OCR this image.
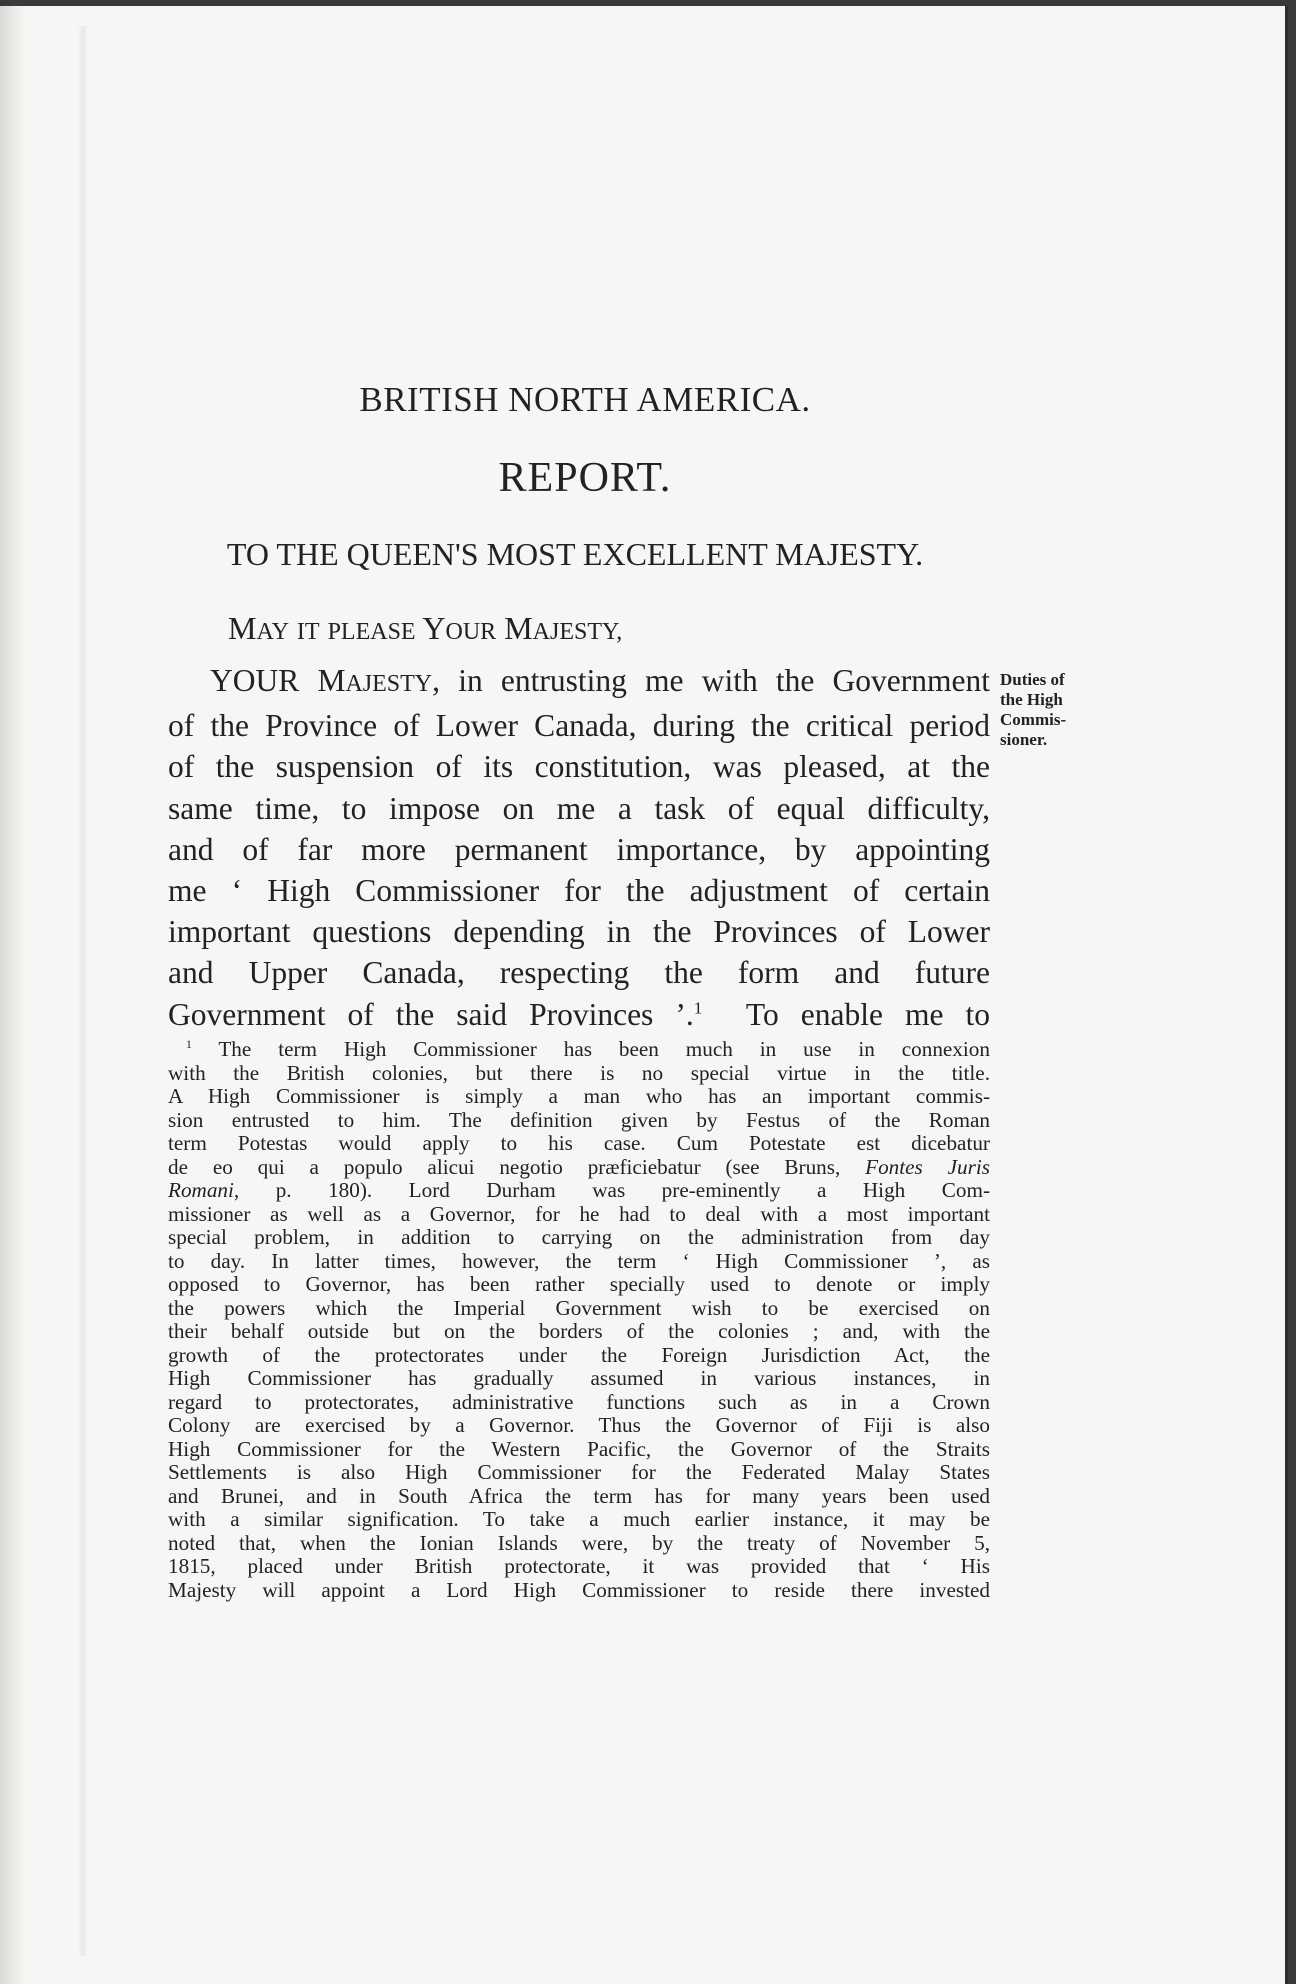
BRITISH NORTH AMERICA.
REPORT.

TO THE QUEEN'S MOST EXCELLENT MAJESTY.

MAY IT PLEASE YOUR MAJESTY,

YOUR MAJESTY, in entrusting me with the Government
of the Province of Lower Canada, during the critical period
of the suspension of its constitution, was pleased, at the
same time, to impose on me a task of equal difficulty,
and of far more permanent importance, by appointing
me ‘ High Commissioner for the adjustment of certain
important questions depending in the Provinces of Lower
and Upper Canada, respecting the form and future
Government of the said Provinces ’.$^1$  To enable me to
Duties of
the High
Commis-
sioner.
$^1$ The term High Commissioner has been much in use in connexion
with the British colonies, but there is no special virtue in the title.
A High Commissioner is simply a man who has an important commis-
sion entrusted to him. The definition given by Festus of the Roman
term Potestas would apply to his case. Cum Potestate est dicebatur
de eo qui a populo alicui negotio præficiebatur (see Bruns, Fontes Juris
Romani, p. 180). Lord Durham was pre-eminently a High Com-
missioner as well as a Governor, for he had to deal with a most important
special problem, in addition to carrying on the administration from day
to day. In latter times, however, the term ‘ High Commissioner ’, as
opposed to Governor, has been rather specially used to denote or imply
the powers which the Imperial Government wish to be exercised on
their behalf outside but on the borders of the colonies ; and, with the
growth of the protectorates under the Foreign Jurisdiction Act, the
High Commissioner has gradually assumed in various instances, in
regard to protectorates, administrative functions such as in a Crown
Colony are exercised by a Governor. Thus the Governor of Fiji is also
High Commissioner for the Western Pacific, the Governor of the Straits
Settlements is also High Commissioner for the Federated Malay States
and Brunei, and in South Africa the term has for many years been used
with a similar signification. To take a much earlier instance, it may be
noted that, when the Ionian Islands were, by the treaty of November 5,
1815, placed under British protectorate, it was provided that ‘ His
Majesty will appoint a Lord High Commissioner to reside there invested
